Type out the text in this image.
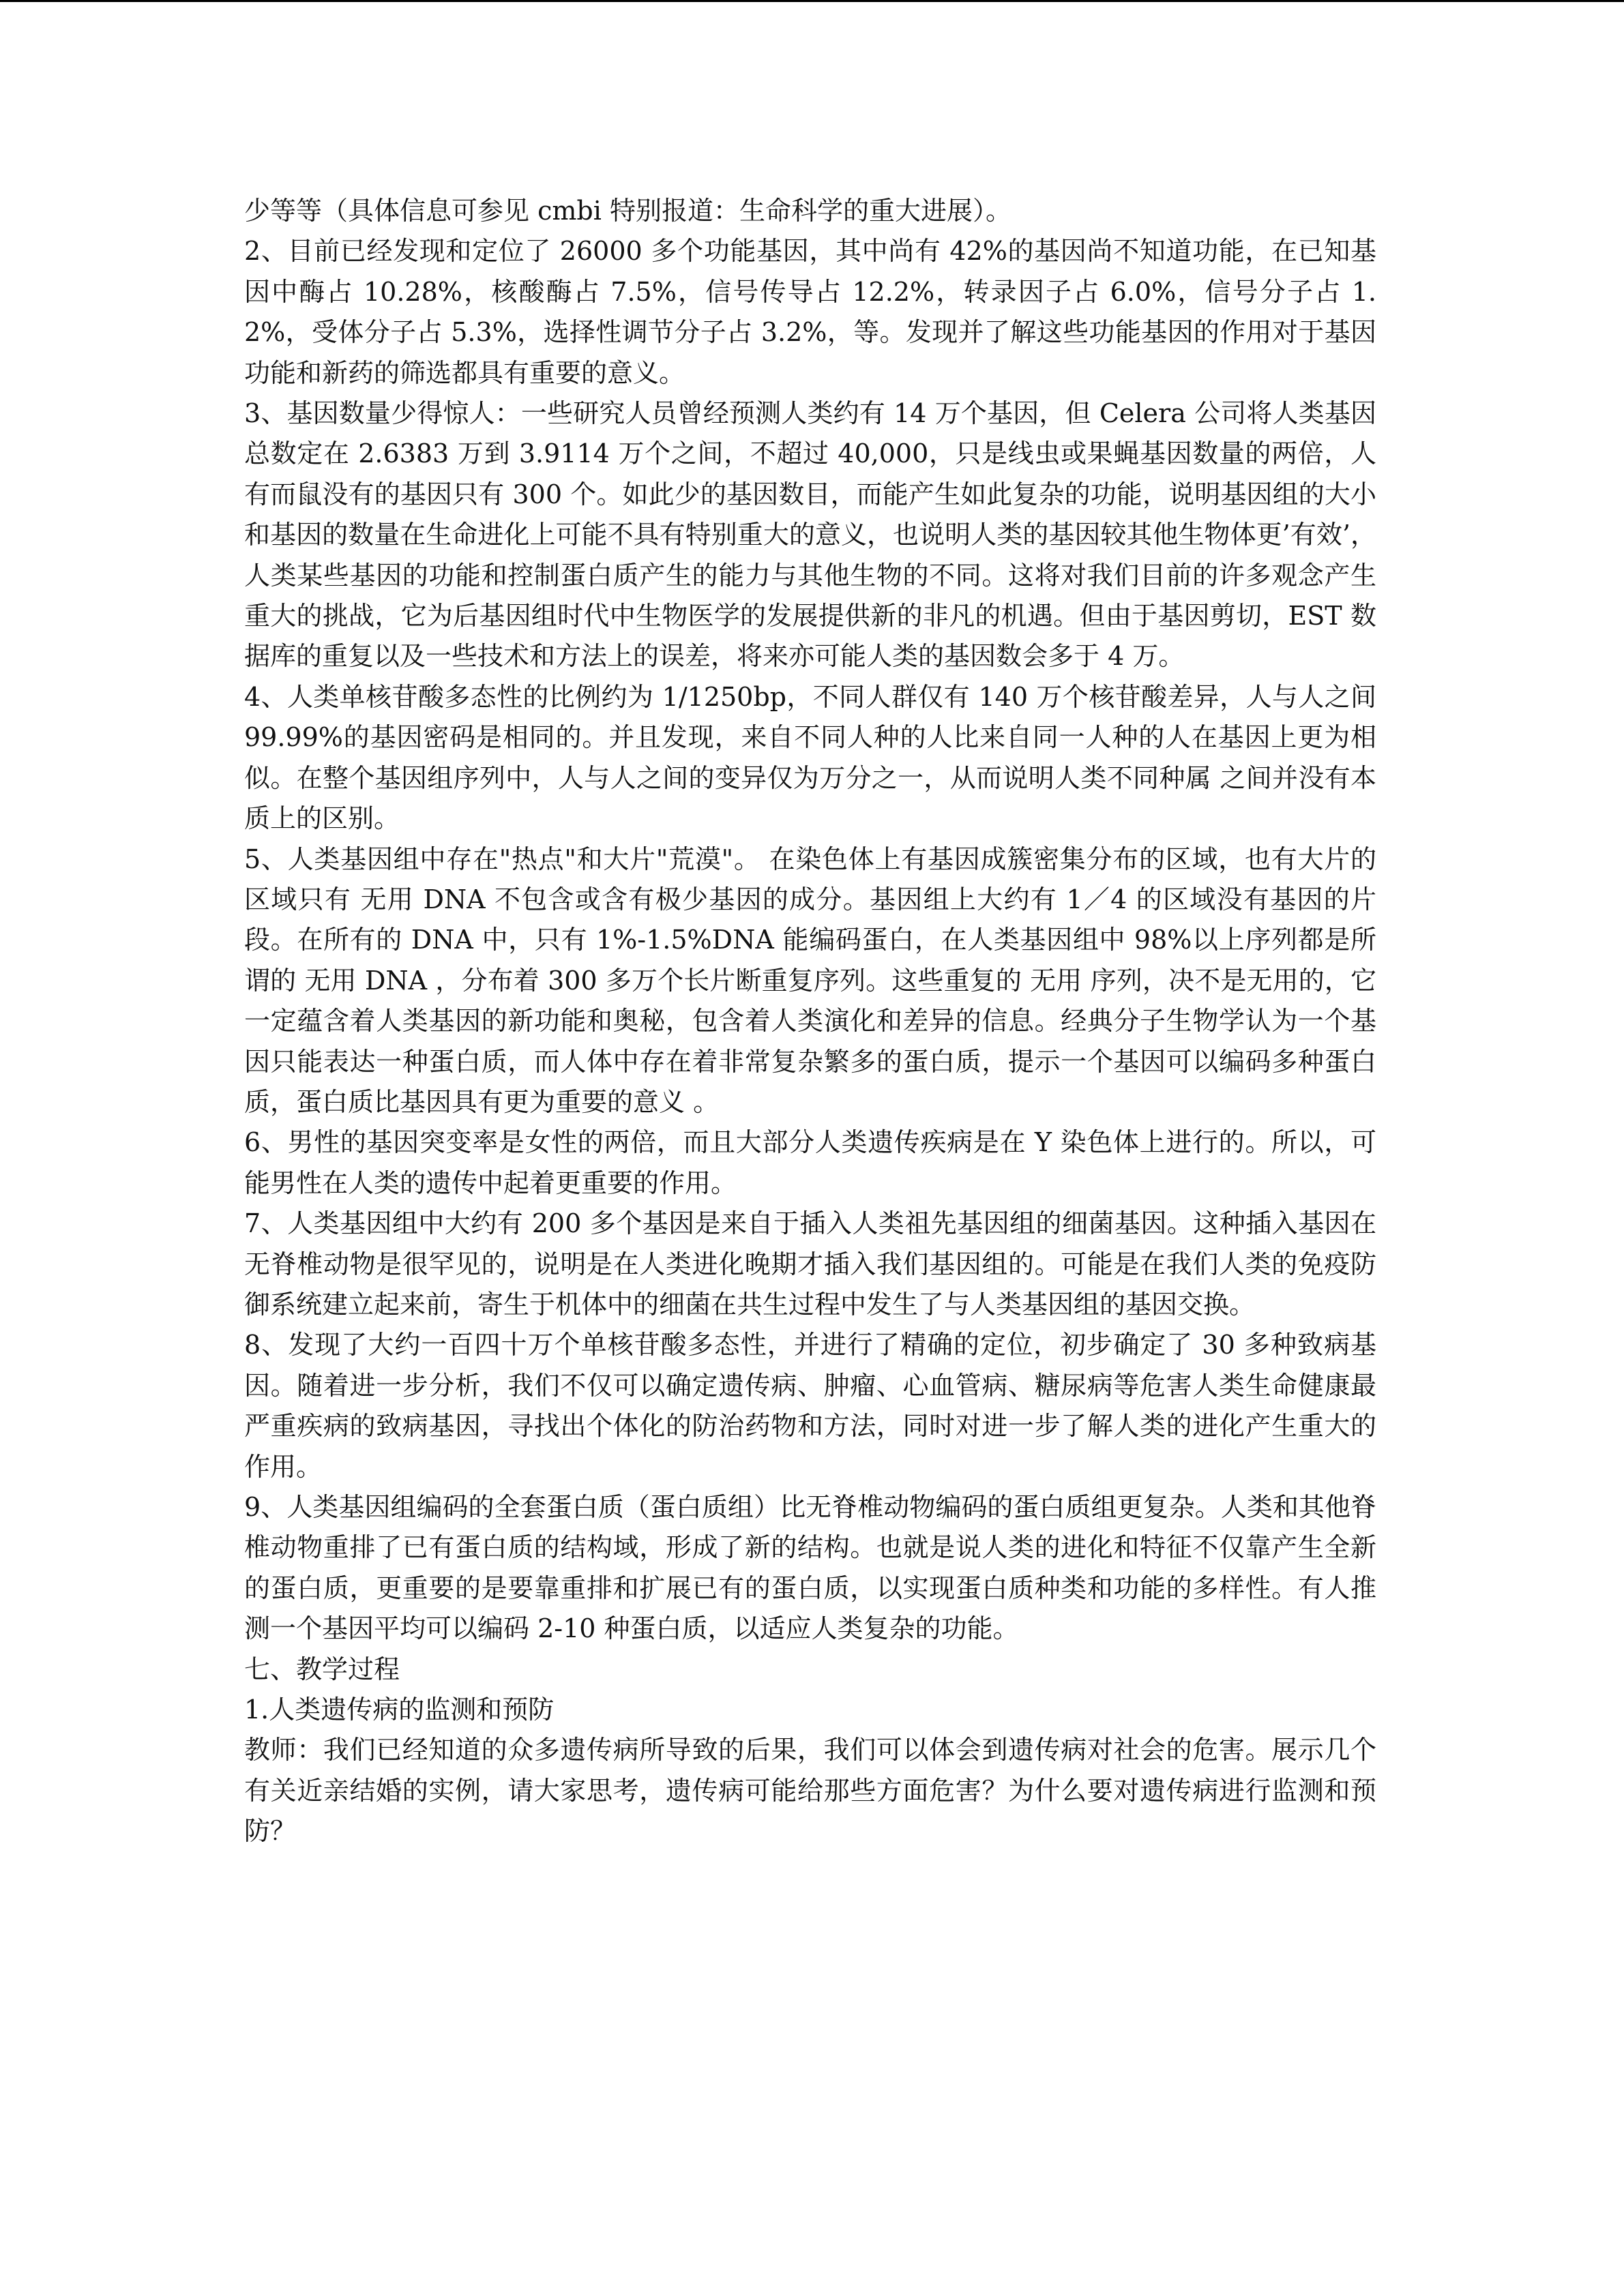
少等等（具体信息可参见 cmbi 特别报道：生命科学的重大进展）。

2、目前已经发现和定位了 26000 多个功能基因，其中尚有 42%的基因尚不知道功能，在已知基因中酶占 10.28%，核酸酶占 7.5%，信号传导占 12.2%，转录因子占 6.0%，信号分子占 1.2%，受体分子占 5.3%，选择性调节分子占 3.2%，等。发现并了解这些功能基因的作用对于基因功能和新药的筛选都具有重要的意义。

3、基因数量少得惊人：一些研究人员曾经预测人类约有 14 万个基因，但 Celera 公司将人类基因总数定在 2.6383 万到 3.9114 万个之间，不超过 40,000，只是线虫或果蝇基因数量的两倍，人有而鼠没有的基因只有 300 个。如此少的基因数目，而能产生如此复杂的功能，说明基因组的大小和基因的数量在生命进化上可能不具有特别重大的意义，也说明人类的基因较其他生物体更’有效’，人类某些基因的功能和控制蛋白质产生的能力与其他生物的不同。这将对我们目前的许多观念产生重大的挑战，它为后基因组时代中生物医学的发展提供新的非凡的机遇。但由于基因剪切，EST 数据库的重复以及一些技术和方法上的误差，将来亦可能人类的基因数会多于 4 万。

4、人类单核苷酸多态性的比例约为 1/1250bp，不同人群仅有 140 万个核苷酸差异，人与人之间 99.99%的基因密码是相同的。并且发现，来自不同人种的人比来自同一人种的人在基因上更为相似。在整个基因组序列中，人与人之间的变异仅为万分之一，从而说明人类不同种属 之间并没有本质上的区别。

5、人类基因组中存在"热点"和大片"荒漠"。 在染色体上有基因成簇密集分布的区域，也有大片的区域只有 无用 DNA 不包含或含有极少基因的成分。基因组上大约有 1／4 的区域没有基因的片段。在所有的 DNA 中，只有 1%-1.5%DNA 能编码蛋白，在人类基因组中 98%以上序列都是所谓的 无用 DNA ，分布着 300 多万个长片断重复序列。这些重复的 无用 序列，决不是无用的，它一定蕴含着人类基因的新功能和奥秘，包含着人类演化和差异的信息。经典分子生物学认为一个基因只能表达一种蛋白质，而人体中存在着非常复杂繁多的蛋白质，提示一个基因可以编码多种蛋白质，蛋白质比基因具有更为重要的意义 。

6、男性的基因突变率是女性的两倍，而且大部分人类遗传疾病是在 Y 染色体上进行的。所以，可能男性在人类的遗传中起着更重要的作用。

7、人类基因组中大约有 200 多个基因是来自于插入人类祖先基因组的细菌基因。这种插入基因在无脊椎动物是很罕见的，说明是在人类进化晚期才插入我们基因组的。可能是在我们人类的免疫防御系统建立起来前，寄生于机体中的细菌在共生过程中发生了与人类基因组的基因交换。

8、发现了大约一百四十万个单核苷酸多态性，并进行了精确的定位，初步确定了 30 多种致病基因。随着进一步分析，我们不仅可以确定遗传病、肿瘤、心血管病、糖尿病等危害人类生命健康最严重疾病的致病基因，寻找出个体化的防治药物和方法，同时对进一步了解人类的进化产生重大的作用。

9、人类基因组编码的全套蛋白质（蛋白质组）比无脊椎动物编码的蛋白质组更复杂。人类和其他脊椎动物重排了已有蛋白质的结构域，形成了新的结构。也就是说人类的进化和特征不仅靠产生全新的蛋白质，更重要的是要靠重排和扩展已有的蛋白质，以实现蛋白质种类和功能的多样性。有人推测一个基因平均可以编码 2-10 种蛋白质，以适应人类复杂的功能。

七、教学过程

1.人类遗传病的监测和预防

教师：我们已经知道的众多遗传病所导致的后果，我们可以体会到遗传病对社会的危害。展示几个有关近亲结婚的实例，请大家思考，遗传病可能给那些方面危害？为什么要对遗传病进行监测和预防？
